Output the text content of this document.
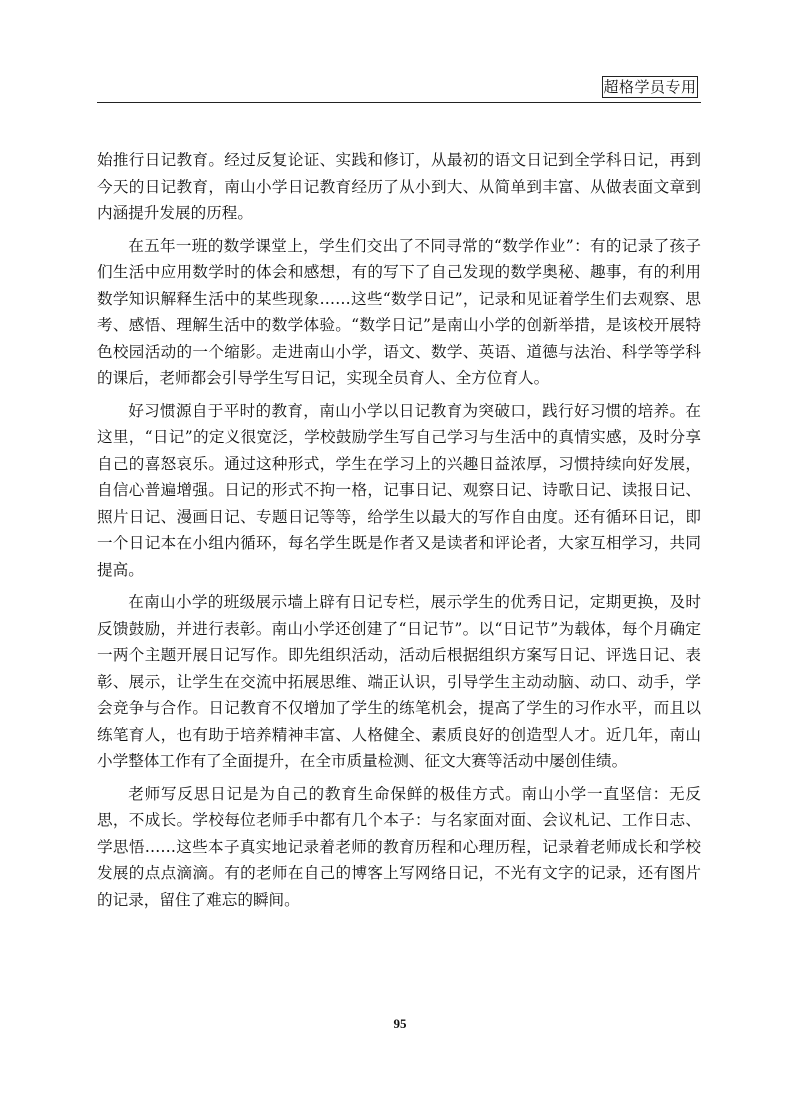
超格学员专用

始推行日记教育。经过反复论证、实践和修订，从最初的语文日记到全学科日记，再到今天的日记教育，南山小学日记教育经历了从小到大、从简单到丰富、从做表面文章到内涵提升发展的历程。

在五年一班的数学课堂上，学生们交出了不同寻常的“数学作业”：有的记录了孩子们生活中应用数学时的体会和感想，有的写下了自己发现的数学奥秘、趣事，有的利用数学知识解释生活中的某些现象……这些“数学日记”，记录和见证着学生们去观察、思考、感悟、理解生活中的数学体验。“数学日记”是南山小学的创新举措，是该校开展特色校园活动的一个缩影。走进南山小学，语文、数学、英语、道德与法治、科学等学科的课后，老师都会引导学生写日记，实现全员育人、全方位育人。

好习惯源自于平时的教育，南山小学以日记教育为突破口，践行好习惯的培养。在这里，“日记”的定义很宽泛，学校鼓励学生写自己学习与生活中的真情实感，及时分享自己的喜怒哀乐。通过这种形式，学生在学习上的兴趣日益浓厚，习惯持续向好发展，自信心普遍增强。日记的形式不拘一格，记事日记、观察日记、诗歌日记、读报日记、照片日记、漫画日记、专题日记等等，给学生以最大的写作自由度。还有循环日记，即一个日记本在小组内循环，每名学生既是作者又是读者和评论者，大家互相学习，共同提高。

在南山小学的班级展示墙上辟有日记专栏，展示学生的优秀日记，定期更换，及时反馈鼓励，并进行表彰。南山小学还创建了“日记节”。以“日记节”为载体，每个月确定一两个主题开展日记写作。即先组织活动，活动后根据组织方案写日记、评选日记、表彰、展示，让学生在交流中拓展思维、端正认识，引导学生主动动脑、动口、动手，学会竞争与合作。日记教育不仅增加了学生的练笔机会，提高了学生的习作水平，而且以练笔育人，也有助于培养精神丰富、人格健全、素质良好的创造型人才。近几年，南山小学整体工作有了全面提升，在全市质量检测、征文大赛等活动中屡创佳绩。

老师写反思日记是为自己的教育生命保鲜的极佳方式。南山小学一直坚信：无反思，不成长。学校每位老师手中都有几个本子：与名家面对面、会议札记、工作日志、学思悟……这些本子真实地记录着老师的教育历程和心理历程，记录着老师成长和学校发展的点点滴滴。有的老师在自己的博客上写网络日记，不光有文字的记录，还有图片的记录，留住了难忘的瞬间。

95
